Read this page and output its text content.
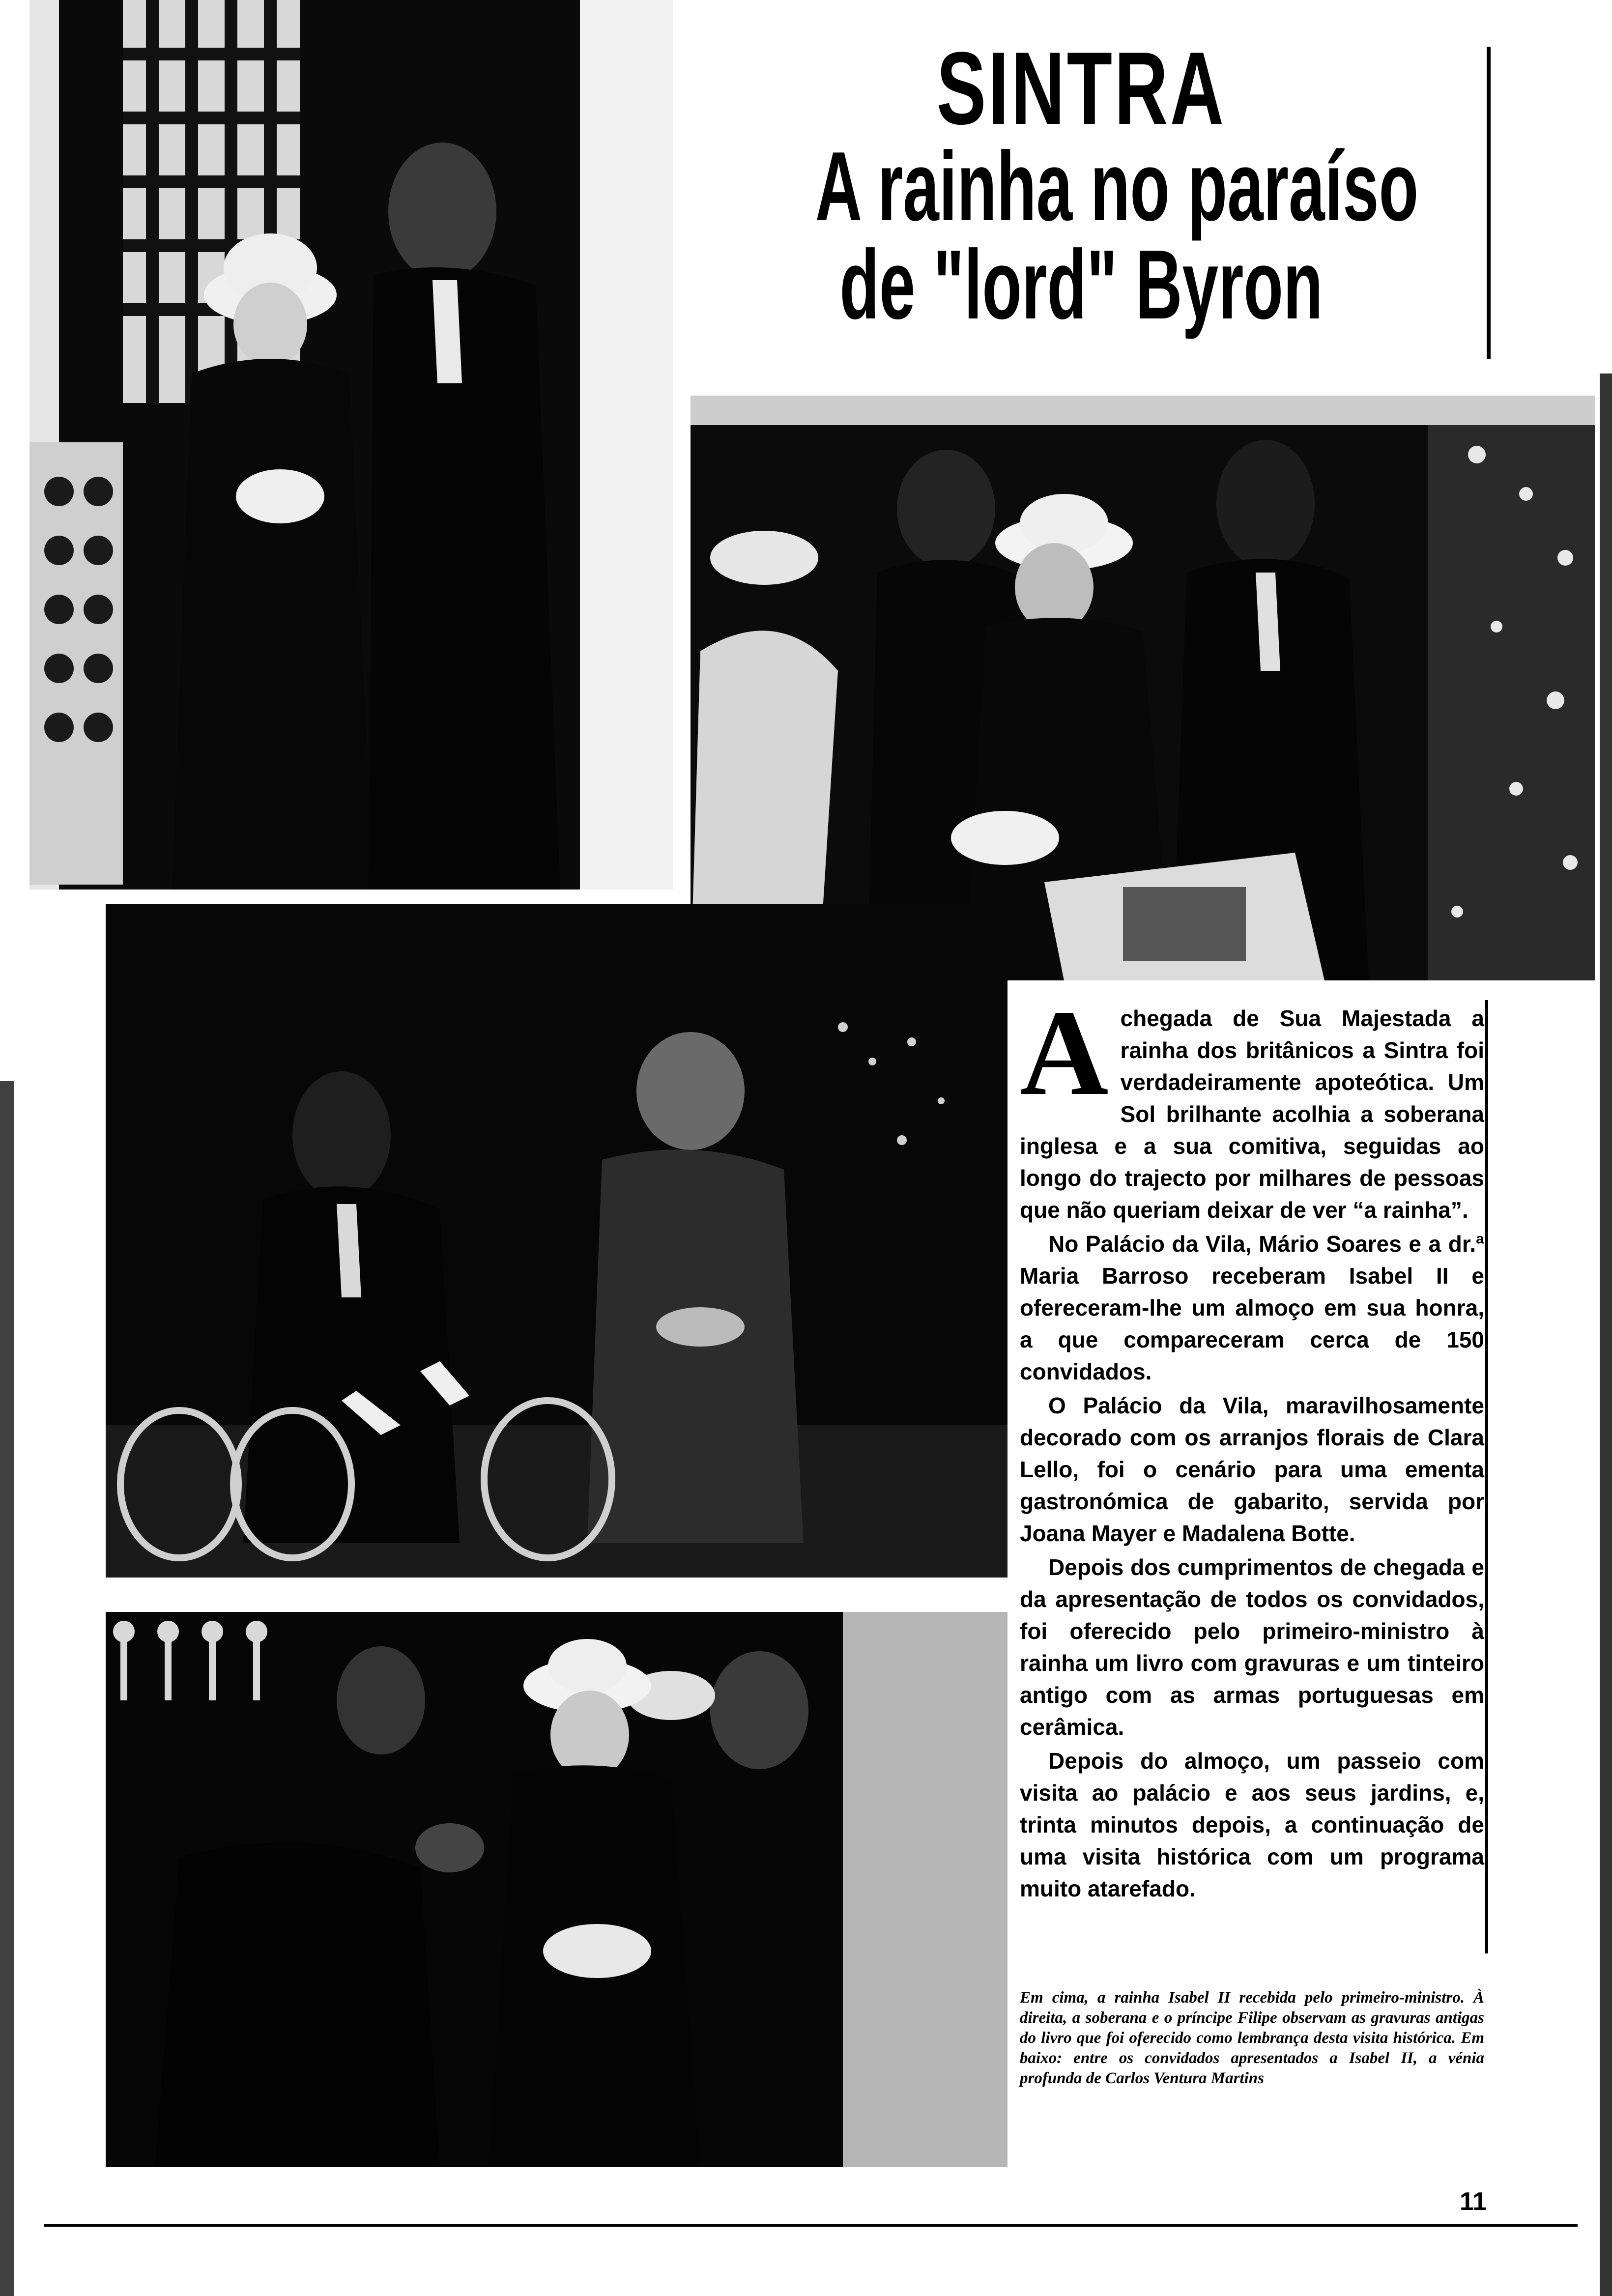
SINTRA
A rainha no paraíso
de "lord" Byron

Achegada de Sua Majestada a rainha dos britânicos a Sintra foi verdadeiramente apoteótica. Um Sol brilhante acolhia a soberana inglesa e a sua comitiva, seguidas ao longo do trajecto por milhares de pessoas que não queriam deixar de ver “a rainha”.

No Palácio da Vila, Mário Soares e a dr.ª Maria Barroso receberam Isabel II e ofereceram-lhe um almoço em sua honra, a que compareceram cerca de 150 convidados.

O Palácio da Vila, maravilhosamente decorado com os arranjos florais de Clara Lello, foi o cenário para uma ementa gastronómica de gabarito, servida por Joana Mayer e Madalena Botte.

Depois dos cumprimentos de chegada e da apresentação de todos os convidados, foi oferecido pelo primeiro-ministro à rainha um livro com gravuras e um tinteiro antigo com as armas portuguesas em cerâmica.

Depois do almoço, um passeio com visita ao palácio e aos seus jardins, e, trinta minutos depois, a continuação de uma visita histórica com um programa muito atarefado.

Em cima, a rainha Isabel II recebida pelo primeiro-ministro. À direita, a soberana e o príncipe Filipe observam as gravuras antigas do livro que foi oferecido como lembrança desta visita histórica. Em baixo: entre os convidados apresentados a Isabel II, a vénia profunda de Carlos Ventura Martins
11
